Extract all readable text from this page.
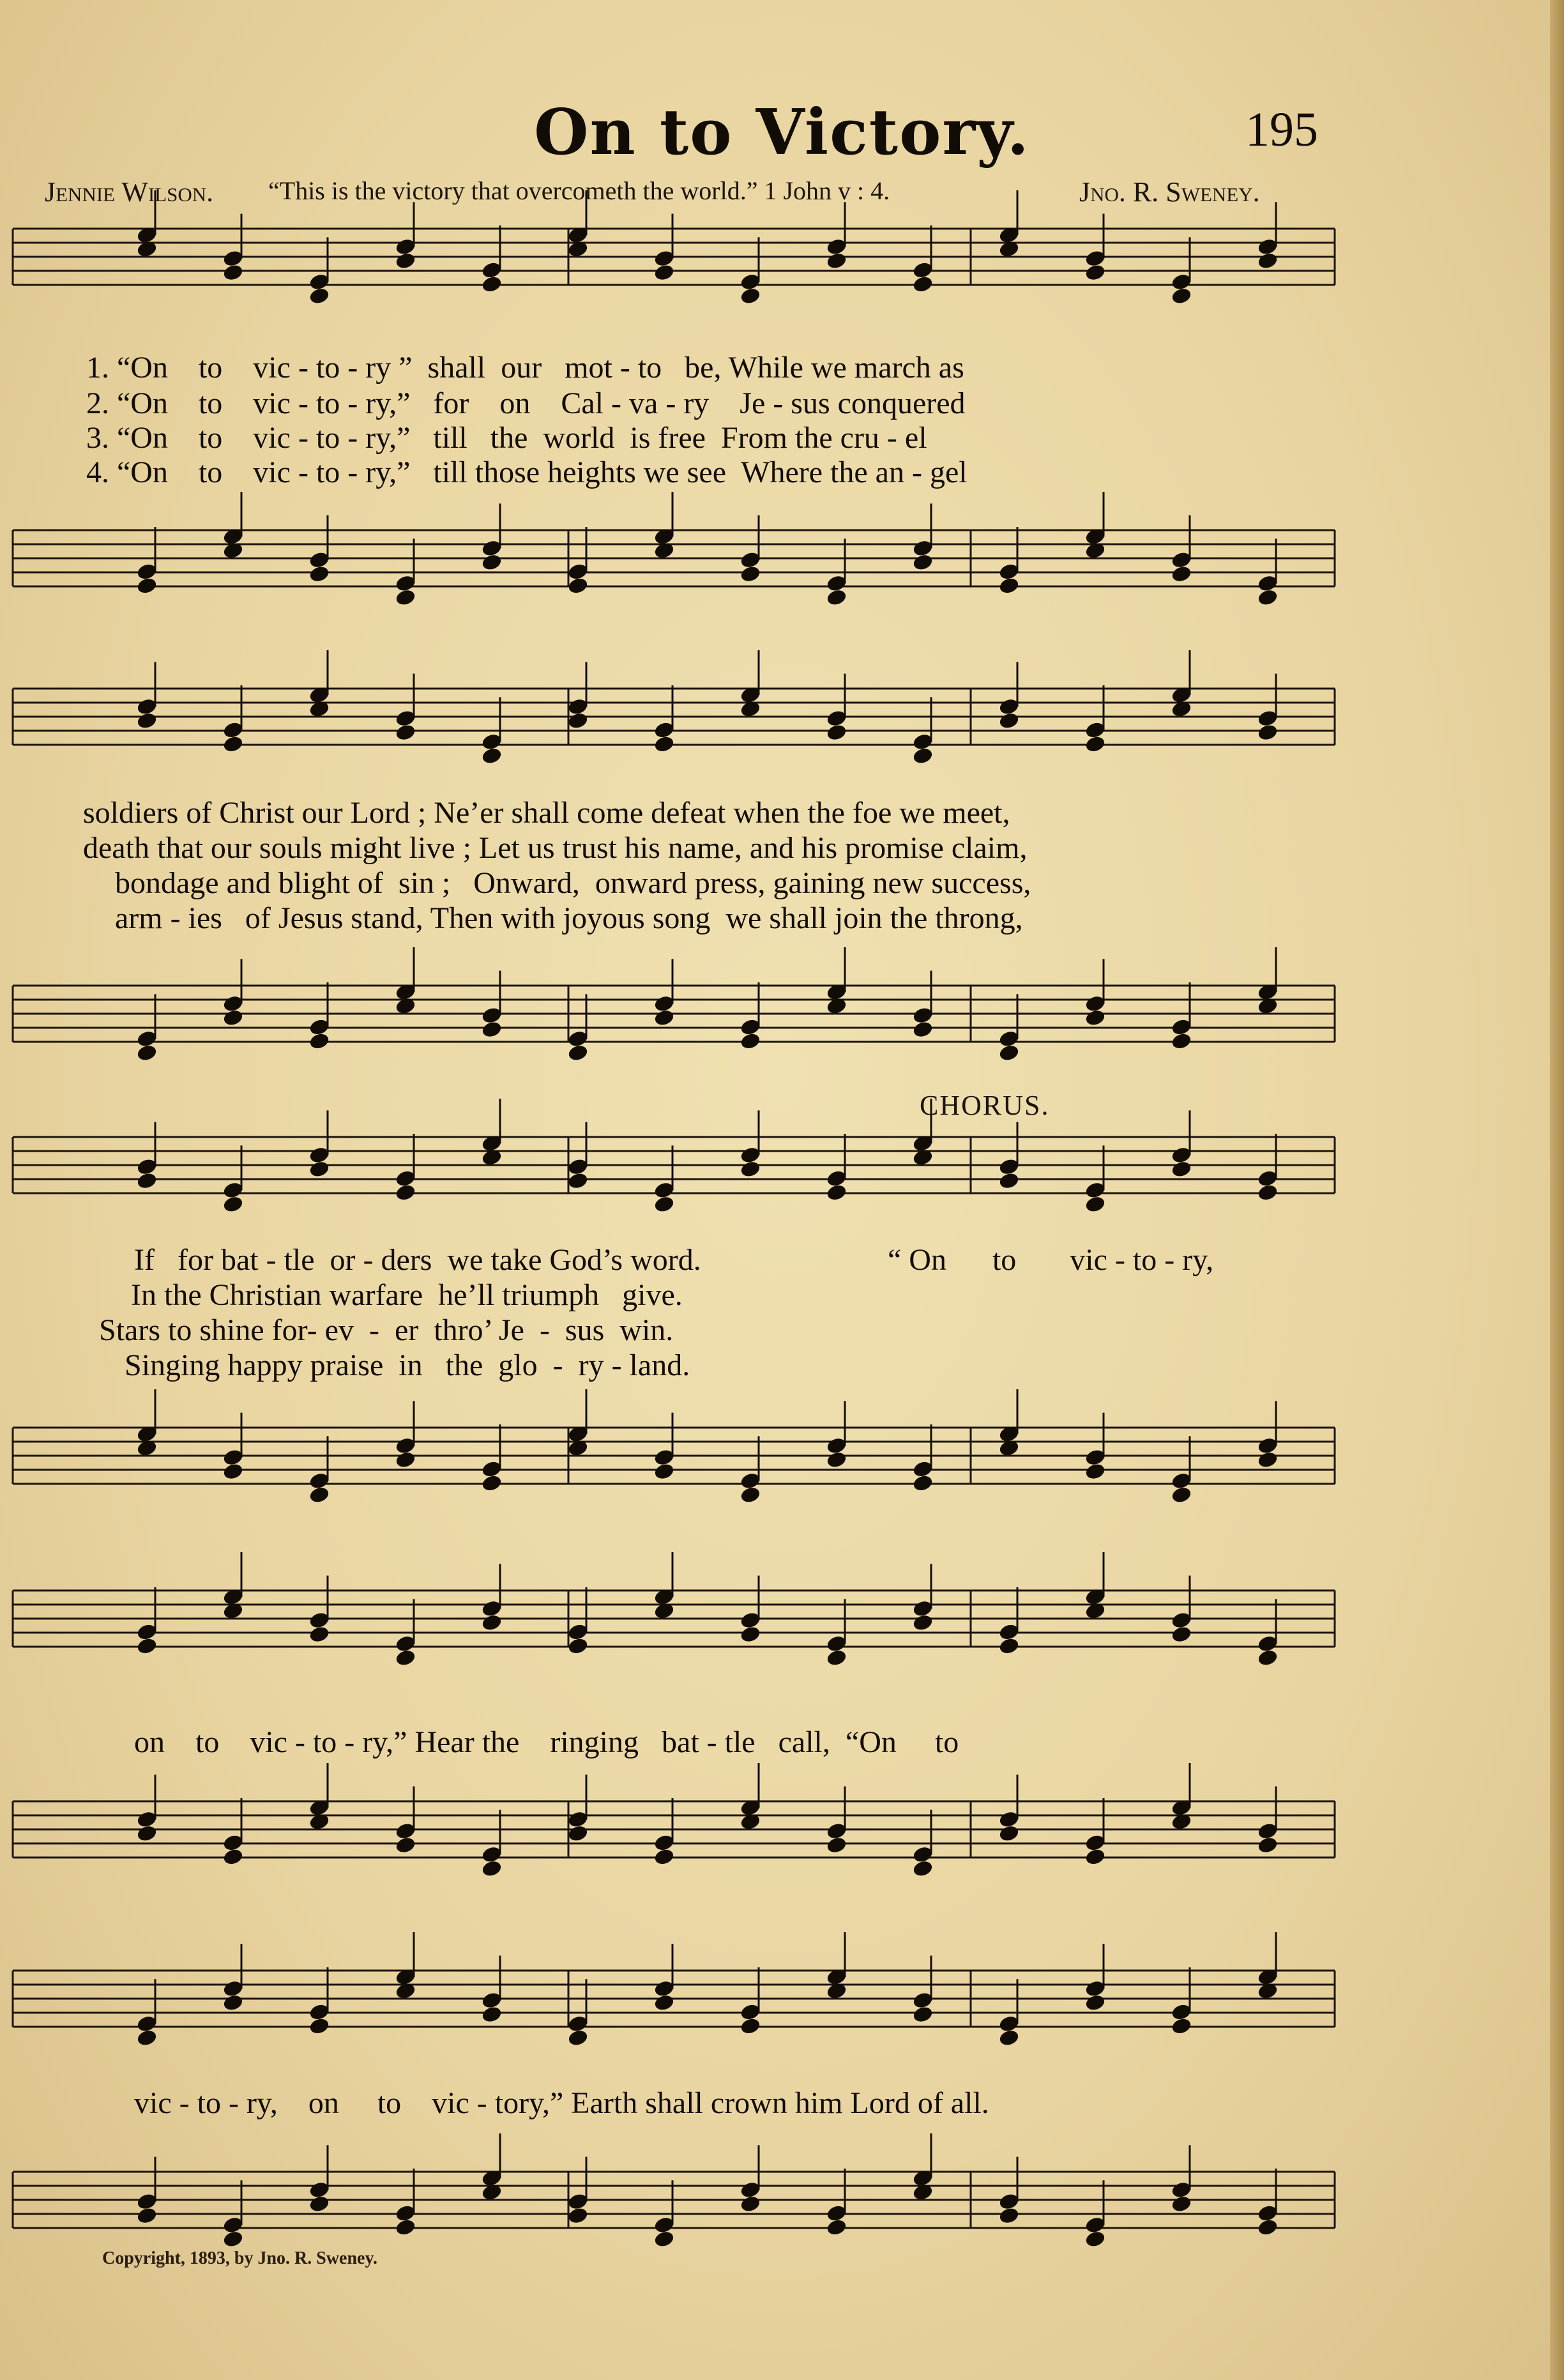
On to Victory.	195
Jennie Wilson. “This is the victory that overcometh the world.” 1 John v : 4.	Jno. R. Sweney.
1. “On    to    vic - to - ry ”  shall  our   mot - to   be, While we march as
2. “On    to    vic - to - ry,”   for    on    Cal - va - ry    Je - sus conquered
3. “On    to    vic - to - ry,”   till   the  world  is free  From the cru - el
4. “On    to    vic - to - ry,”   till those heights we see  Where the an - gel
soldiers of Christ our Lord ; Ne’er shall come defeat when the foe we meet,
death that our souls might live ; Let us trust his name, and his promise claim,
bondage and blight of  sin ;   Onward,  onward press, gaining new success,
arm - ies   of Jesus stand, Then with joyous song  we shall join the throng,
CHORUS.
If   for bat - tle  or - ders  we take God’s word.	“ On      to       vic - to - ry,
In the Christian warfare  he’ll triumph   give.
Stars to shine for- ev  -  er  thro’ Je  -  sus  win.
Singing happy praise  in   the  glo  -  ry - land.
on    to    vic - to - ry,” Hear the    ringing   bat - tle   call,  “On     to
vic - to - ry,    on     to    vic - tory,” Earth shall crown him Lord of all.
Copyright, 1893, by Jno. R. Sweney.
